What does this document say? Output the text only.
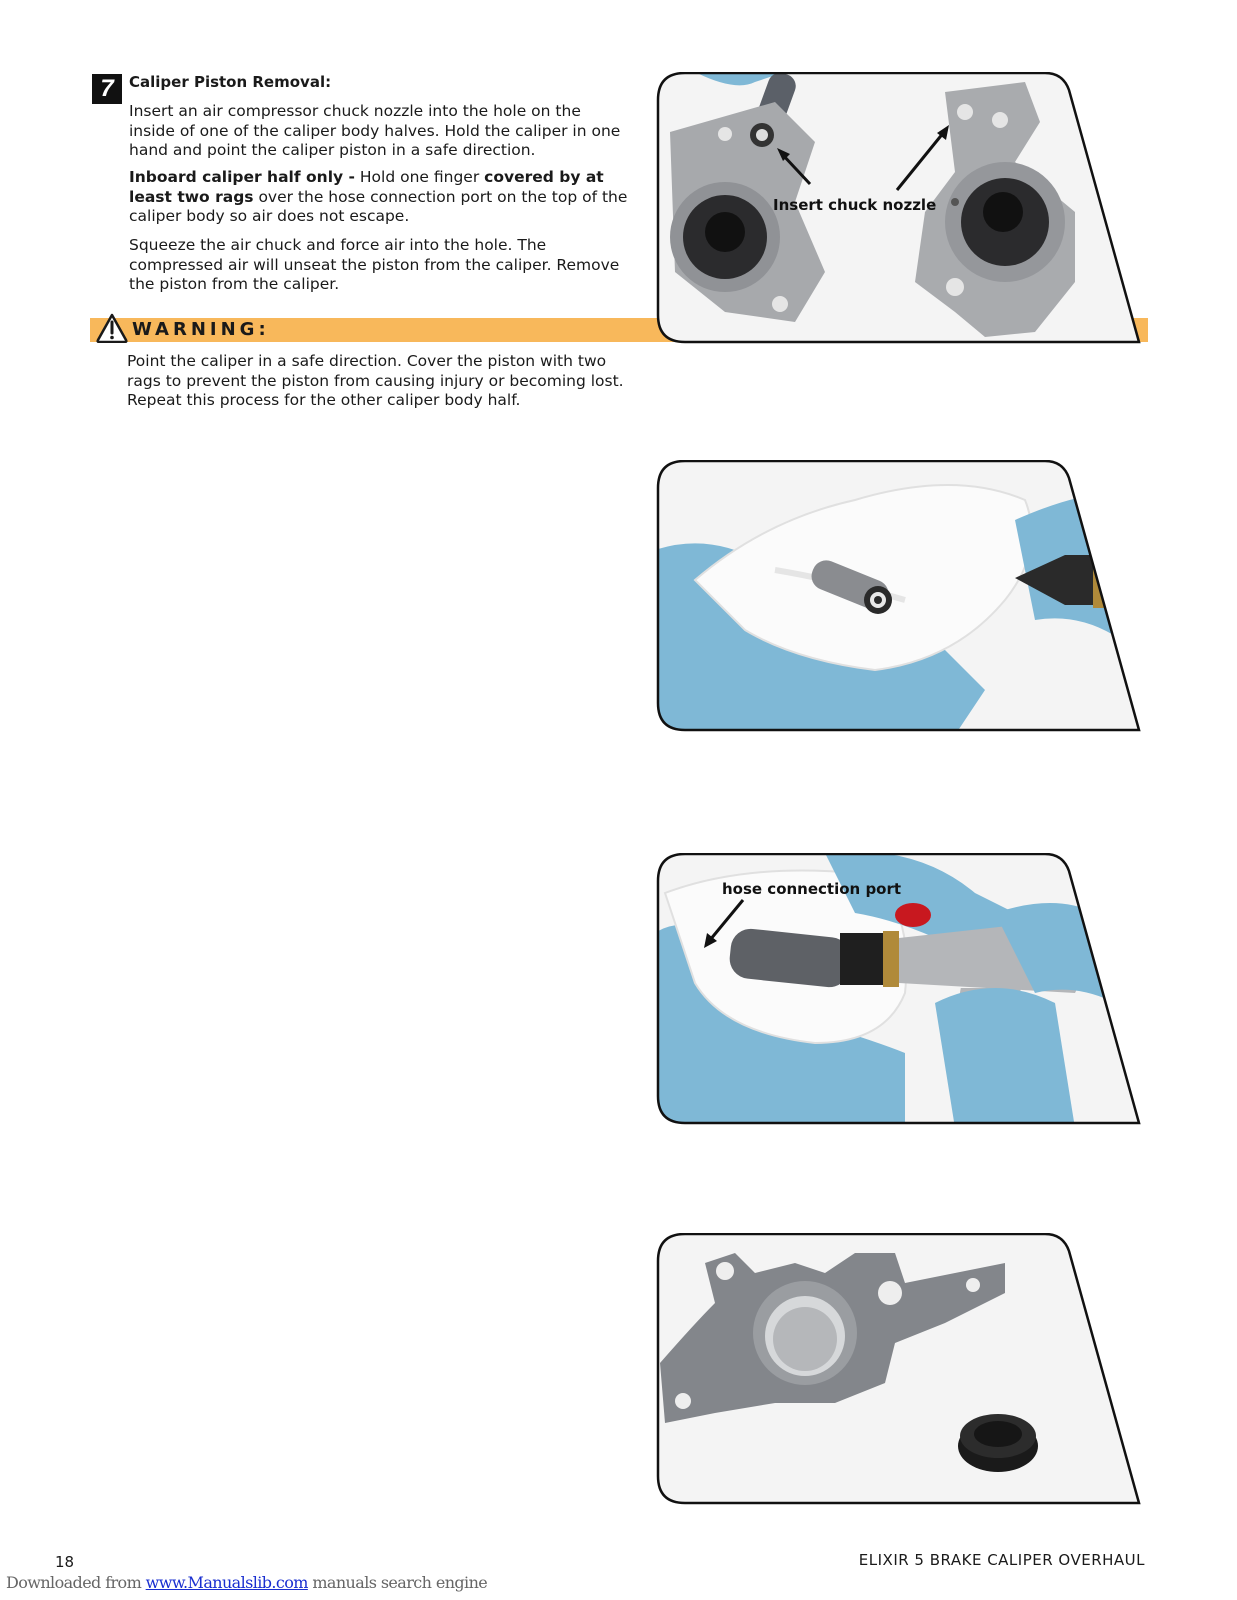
7	Caliper Piston Removal:
Insert an air compressor chuck nozzle into the hole on the inside of one of the caliper body halves. Hold the caliper in one hand and point the caliper piston in a safe direction.
Inboard caliper half only - Hold one finger covered by at least two rags over the hose connection port on the top of the caliper body so air does not escape.
Squeeze the air chuck and force air into the hole. The compressed air will unseat the piston from the caliper. Remove the piston from the caliper.
WARNING:
Point the caliper in a safe direction. Cover the piston with two rags to prevent the piston from causing injury or becoming lost. Repeat this process for the other caliper body half.
Insert chuck nozzle
hose connection port
18	ELIXIR 5 BRAKE CALIPER OVERHAUL
Downloaded from www.Manualslib.com manuals search engine
